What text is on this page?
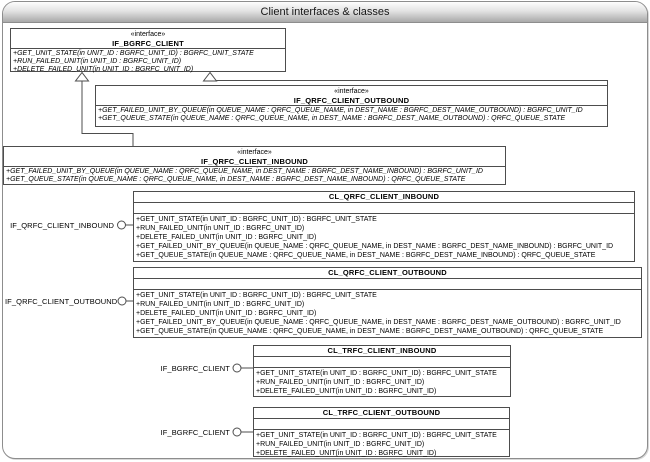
Client interfaces & classes
«interface»
IF_BGRFC_CLIENT
+GET_UNIT_STATE(in UNIT_ID : BGRFC_UNIT_ID) : BGRFC_UNIT_STATE
+RUN_FAILED_UNIT(in UNIT_ID : BGRFC_UNIT_ID)
+DELETE_FAILED_UNIT(in UNIT_ID : BGRFC_UNIT_ID)
«interface»
IF_QRFC_CLIENT_OUTBOUND
+GET_FAILED_UNIT_BY_QUEUE(in QUEUE_NAME : QRFC_QUEUE_NAME, in DEST_NAME : BGRFC_DEST_NAME_OUTBOUND) : BGRFC_UNIT_ID
+GET_QUEUE_STATE(in QUEUE_NAME : QRFC_QUEUE_NAME, in DEST_NAME : BGRFC_DEST_NAME_OUTBOUND) : QRFC_QUEUE_STATE
«interface»
IF_QRFC_CLIENT_INBOUND
+GET_FAILED_UNIT_BY_QUEUE(in QUEUE_NAME : QRFC_QUEUE_NAME, in DEST_NAME : BGRFC_DEST_NAME_INBOUND) : BGRFC_UNIT_ID
+GET_QUEUE_STATE(in QUEUE_NAME : QRFC_QUEUE_NAME, in DEST_NAME : BGRFC_DEST_NAME_INBOUND) : QRFC_QUEUE_STATE
CL_QRFC_CLIENT_INBOUND
+GET_UNIT_STATE(in UNIT_ID : BGRFC_UNIT_ID) : BGRFC_UNIT_STATE
+RUN_FAILED_UNIT(in UNIT_ID : BGRFC_UNIT_ID)
+DELETE_FAILED_UNIT(in UNIT_ID : BGRFC_UNIT_ID)
+GET_FAILED_UNIT_BY_QUEUE(in QUEUE_NAME : QRFC_QUEUE_NAME, in DEST_NAME : BGRFC_DEST_NAME_INBOUND) : BGRFC_UNIT_ID
+GET_QUEUE_STATE(in QUEUE_NAME : QRFC_QUEUE_NAME, in DEST_NAME : BGRFC_DEST_NAME_INBOUND) : QRFC_QUEUE_STATE
CL_QRFC_CLIENT_OUTBOUND
+GET_UNIT_STATE(in UNIT_ID : BGRFC_UNIT_ID) : BGRFC_UNIT_STATE
+RUN_FAILED_UNIT(in UNIT_ID : BGRFC_UNIT_ID)
+DELETE_FAILED_UNIT(in UNIT_ID : BGRFC_UNIT_ID)
+GET_FAILED_UNIT_BY_QUEUE(in QUEUE_NAME : QRFC_QUEUE_NAME, in DEST_NAME : BGRFC_DEST_NAME_OUTBOUND) : BGRFC_UNIT_ID
+GET_QUEUE_STATE(in QUEUE_NAME : QRFC_QUEUE_NAME, in DEST_NAME : BGRFC_DEST_NAME_OUTBOUND) : QRFC_QUEUE_STATE
CL_TRFC_CLIENT_INBOUND
+GET_UNIT_STATE(in UNIT_ID : BGRFC_UNIT_ID) : BGRFC_UNIT_STATE
+RUN_FAILED_UNIT(in UNIT_ID : BGRFC_UNIT_ID)
+DELETE_FAILED_UNIT(in UNIT_ID : BGRFC_UNIT_ID)
CL_TRFC_CLIENT_OUTBOUND
+GET_UNIT_STATE(in UNIT_ID : BGRFC_UNIT_ID) : BGRFC_UNIT_STATE
+RUN_FAILED_UNIT(in UNIT_ID : BGRFC_UNIT_ID)
+DELETE_FAILED_UNIT(in UNIT_ID : BGRFC_UNIT_ID)
IF_QRFC_CLIENT_INBOUND
IF_QRFC_CLIENT_OUTBOUND
IF_BGRFC_CLIENT
IF_BGRFC_CLIENT
